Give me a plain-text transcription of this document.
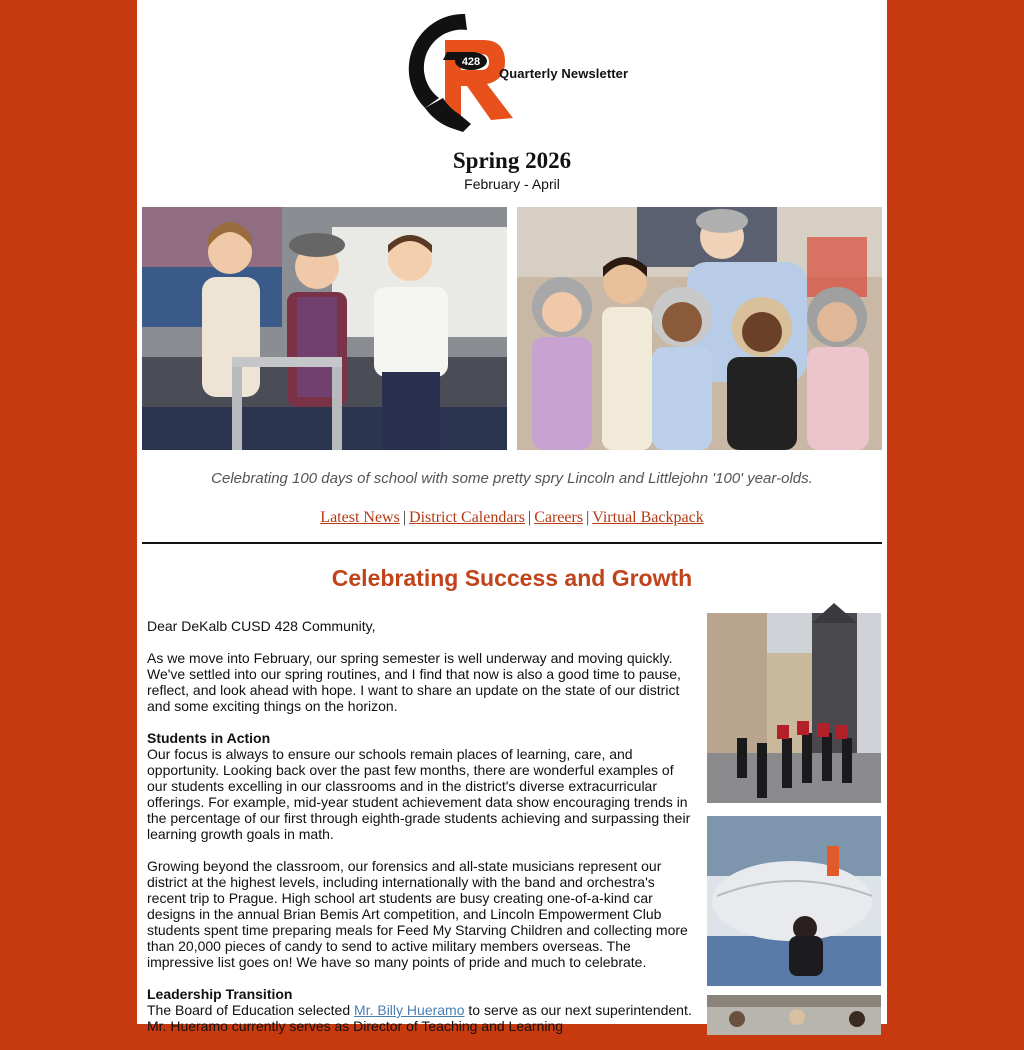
428
Quarterly Newsletter
Spring 2026
February - April
Celebrating 100 days of school with some pretty spry Lincoln and Littlejohn '100' year-olds.
Latest News | District Calendars | Careers | Virtual Backpack
Celebrating Success and Growth

Dear DeKalb CUSD 428 Community,

As we move into February, our spring semester is well underway and moving quickly. We've settled into our spring routines, and I find that now is also a good time to pause, reflect, and look ahead with hope. I want to share an update on the state of our district and some exciting things on the horizon.

Students in Action
Our focus is always to ensure our schools remain places of learning, care, and opportunity. Looking back over the past few months, there are wonderful examples of our students excelling in our classrooms and in the district's diverse extracurricular offerings. For example, mid-year student achievement data show encouraging trends in the percentage of our first through eighth-grade students achieving and surpassing their learning growth goals in math.

Growing beyond the classroom, our forensics and all-state musicians represent our district at the highest levels, including internationally with the band and orchestra's recent trip to Prague. High school art students are busy creating one-of-a-kind car designs in the annual Brian Bemis Art competition, and Lincoln Empowerment Club students spent time preparing meals for Feed My Starving Children and collecting more than 20,000 pieces of candy to send to active military members overseas. The impressive list goes on! We have so many points of pride and much to celebrate.

Leadership Transition
The Board of Education selected Mr. Billy Hueramo to serve as our next superintendent. Mr. Hueramo currently serves as Director of Teaching and Learning
